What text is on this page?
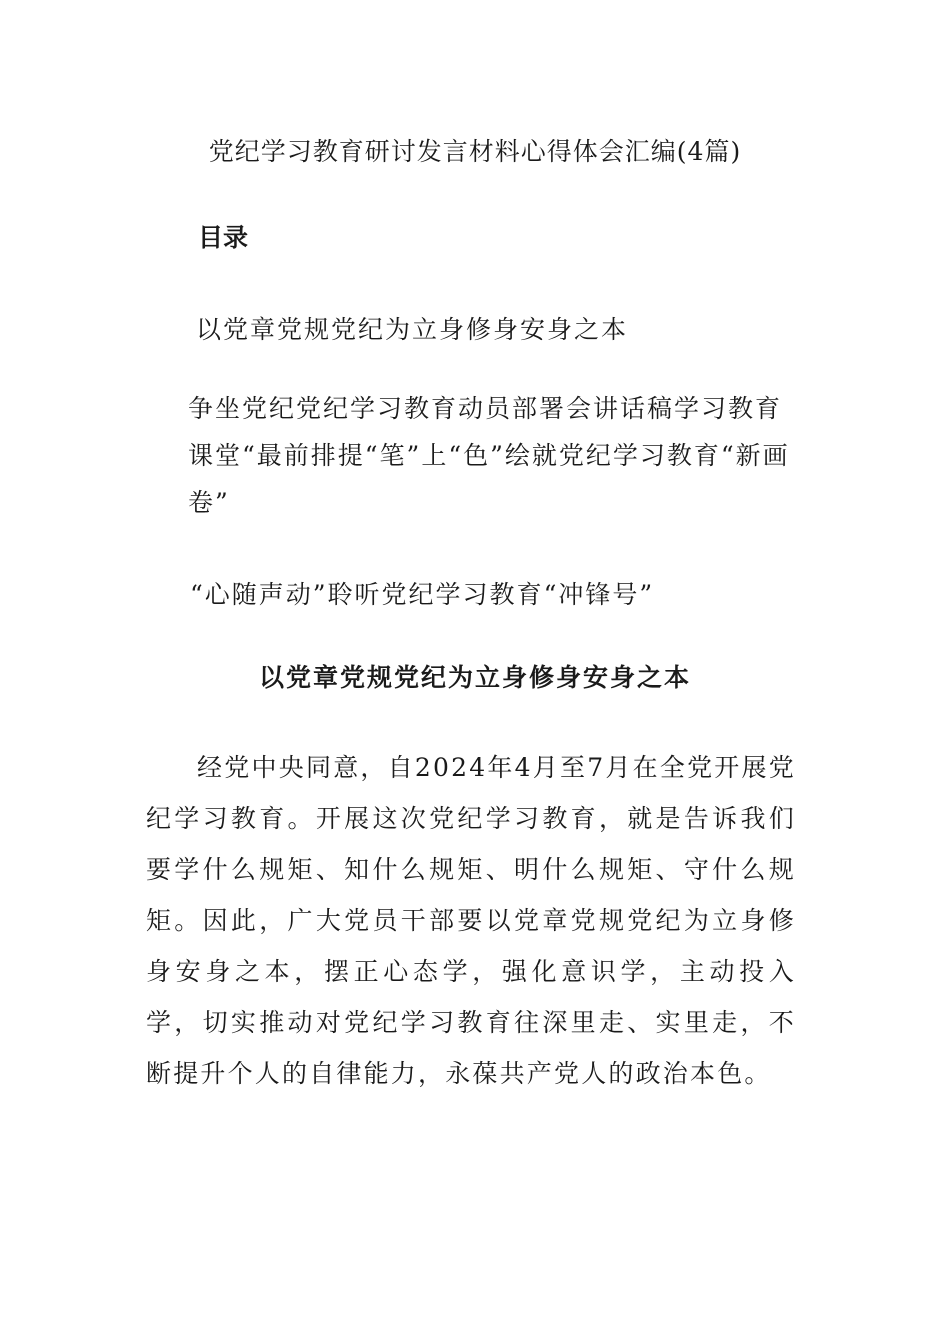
党纪学习教育研讨发言材料心得体会汇编(4篇)
目录

以党章党规党纪为立身修身安身之本

争坐党纪党纪学习教育动员部署会讲话稿学习教育课堂“最前排提“笔”上“色”绘就党纪学习教育“新画卷”

“心随声动”聆听党纪学习教育“冲锋号”

以党章党规党纪为立身修身安身之本

经党中央同意，自2024年4月至7月在全党开展党纪学习教育。开展这次党纪学习教育，就是告诉我们要学什么规矩、知什么规矩、明什么规矩、守什么规矩。因此，广大党员干部要以党章党规党纪为立身修身安身之本，摆正心态学，强化意识学，主动投入学，切实推动对党纪学习教育往深里走、实里走，不断提升个人的自律能力，永葆共产党人的政治本色。
